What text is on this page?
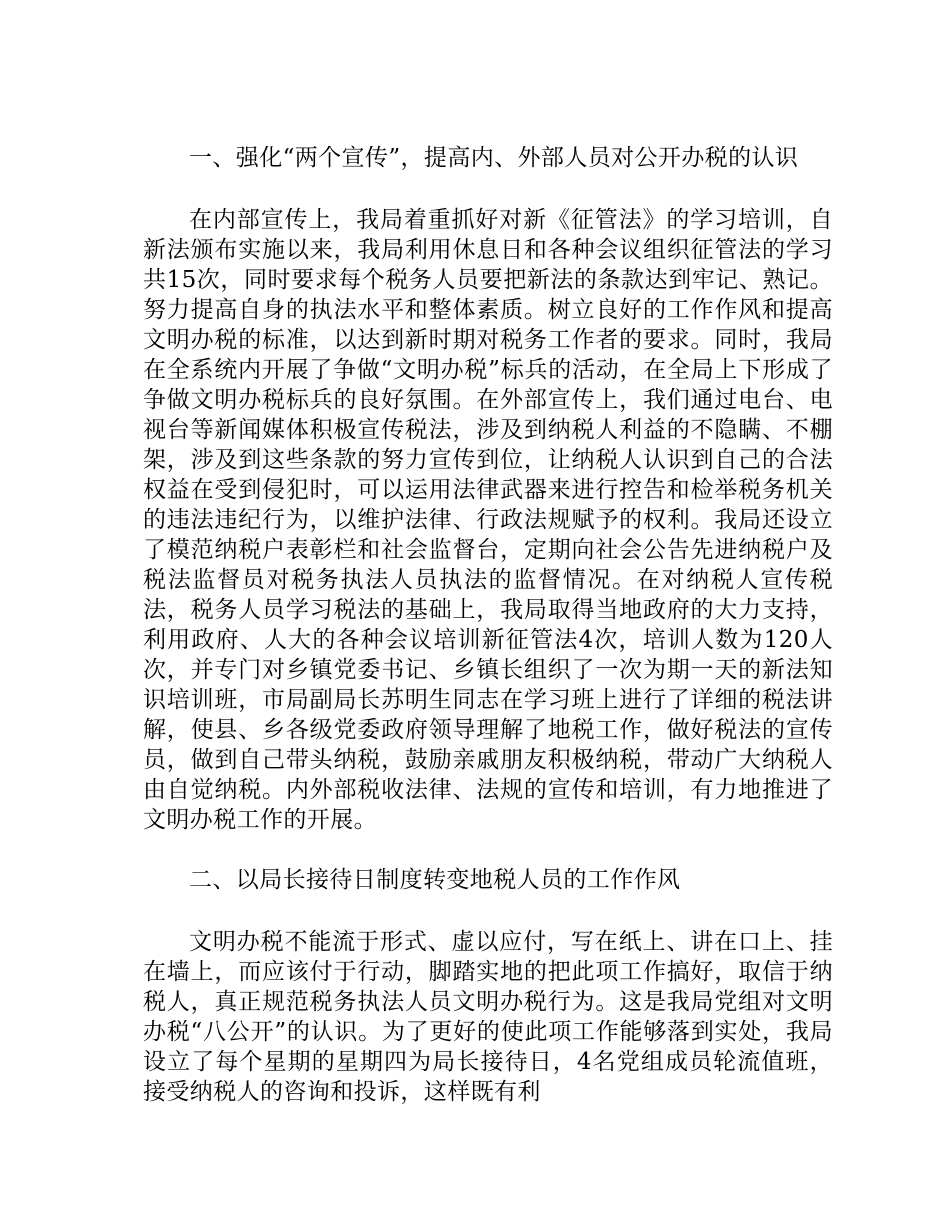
一、强化“两个宣传”，提高内、外部人员对公开办税的认识

在内部宣传上，我局着重抓好对新《征管法》的学习培训，自新法颁布实施以来，我局利用休息日和各种会议组织征管法的学习共15次，同时要求每个税务人员要把新法的条款达到牢记、熟记。努力提高自身的执法水平和整体素质。树立良好的工作作风和提高文明办税的标准，以达到新时期对税务工作者的要求。同时，我局在全系统内开展了争做“文明办税”标兵的活动，在全局上下形成了争做文明办税标兵的良好氛围。在外部宣传上，我们通过电台、电视台等新闻媒体积极宣传税法，涉及到纳税人利益的不隐瞒、不棚架，涉及到这些条款的努力宣传到位，让纳税人认识到自己的合法权益在受到侵犯时，可以运用法律武器来进行控告和检举税务机关的违法违纪行为，以维护法律、行政法规赋予的权利。我局还设立了模范纳税户表彰栏和社会监督台，定期向社会公告先进纳税户及税法监督员对税务执法人员执法的监督情况。在对纳税人宣传税法，税务人员学习税法的基础上，我局取得当地政府的大力支持，利用政府、人大的各种会议培训新征管法4次，培训人数为120人次，并专门对乡镇党委书记、乡镇长组织了一次为期一天的新法知识培训班，市局副局长苏明生同志在学习班上进行了详细的税法讲解，使县、乡各级党委政府领导理解了地税工作，做好税法的宣传员，做到自己带头纳税，鼓励亲戚朋友积极纳税，带动广大纳税人由自觉纳税。内外部税收法律、法规的宣传和培训，有力地推进了文明办税工作的开展。

二、以局长接待日制度转变地税人员的工作作风

文明办税不能流于形式、虚以应付，写在纸上、讲在口上、挂在墙上，而应该付于行动，脚踏实地的把此项工作搞好，取信于纳税人，真正规范税务执法人员文明办税行为。这是我局党组对文明办税“八公开”的认识。为了更好的使此项工作能够落到实处，我局设立了每个星期的星期四为局长接待日，4名党组成员轮流值班，接受纳税人的咨询和投诉，这样既有利
